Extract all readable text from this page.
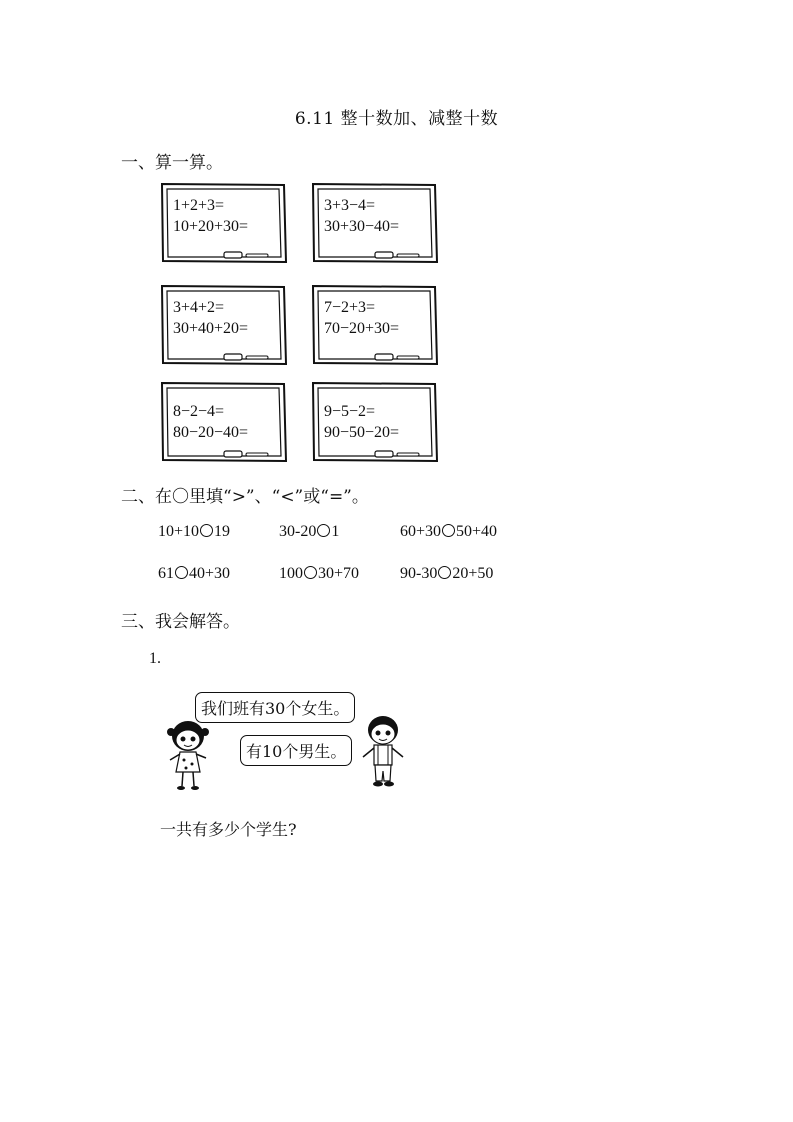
6.11 整十数加、减整十数
一、算一算。
1+2+3=
10+20+30=
3+3−4=
30+30−40=
3+4+2=
30+40+20=
7−2+3=
70−20+30=
8−2−4=
80−20−40=
9−5−2=
90−50−20=
二、在〇里填“>”、“<”或“=”。
10+10 19	30-20 1	60+30 50+40
61 40+30	100 30+70	90-30 20+50
三、我会解答。
1.
我们班有30个女生。
有10个男生。
一共有多少个学生?
